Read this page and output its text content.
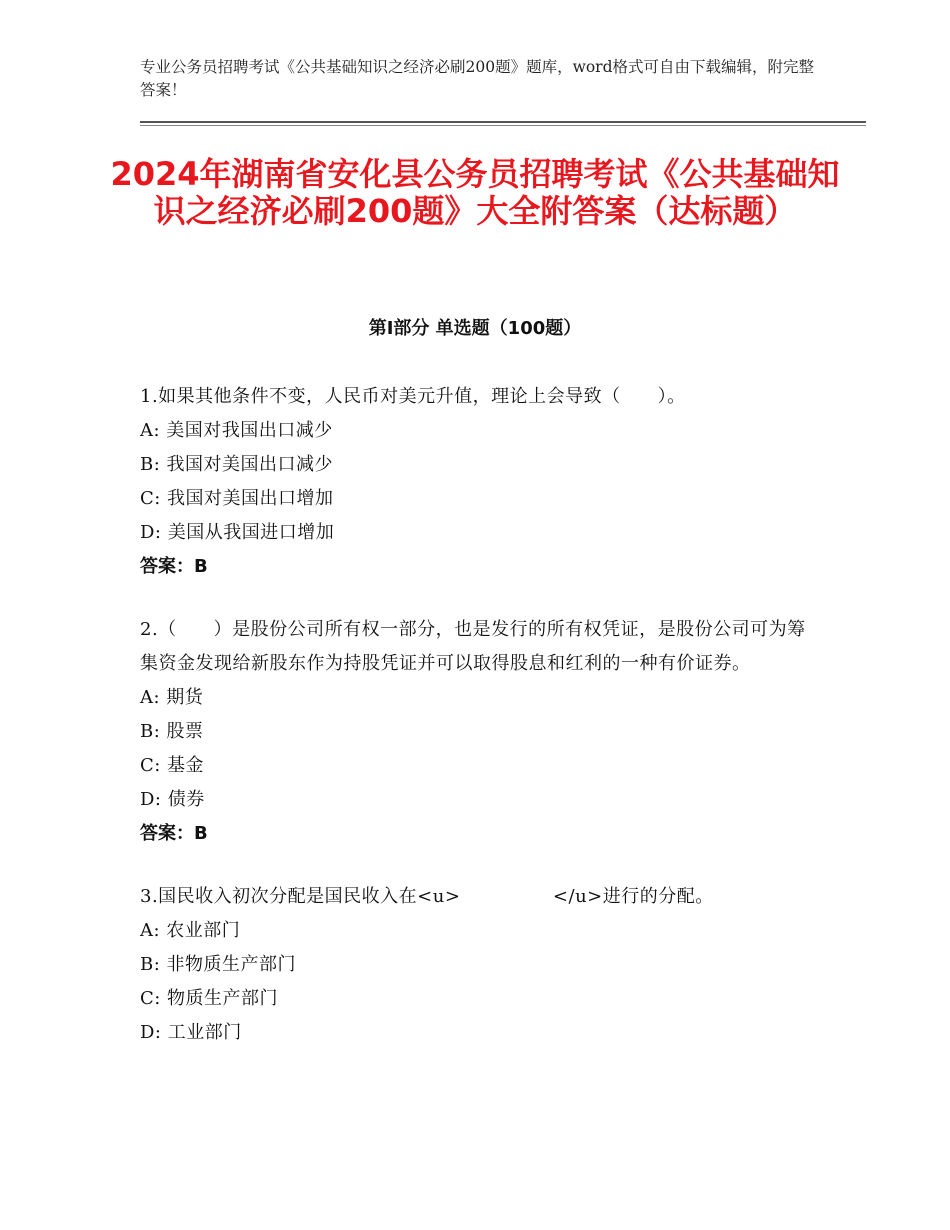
专业公务员招聘考试《公共基础知识之经济必刷200题》题库，word格式可自由下载编辑，附完整答案！
2024年湖南省安化县公务员招聘考试《公共基础知识之经济必刷200题》大全附答案（达标题）
第Ⅰ部分 单选题（100题）
1.如果其他条件不变，人民币对美元升值，理论上会导致（　　）。
A: 美国对我国出口减少
B: 我国对美国出口减少
C: 我国对美国出口增加
D: 美国从我国进口增加
答案：B
2.（　　）是股份公司所有权一部分，也是发行的所有权凭证，是股份公司可为筹集资金发现给新股东作为持股凭证并可以取得股息和红利的一种有价证券。
A: 期货
B: 股票
C: 基金
D: 债券
答案：B
3.国民收入初次分配是国民收入在<u>　　　　　</u>进行的分配。
A: 农业部门
B: 非物质生产部门
C: 物质生产部门
D: 工业部门
